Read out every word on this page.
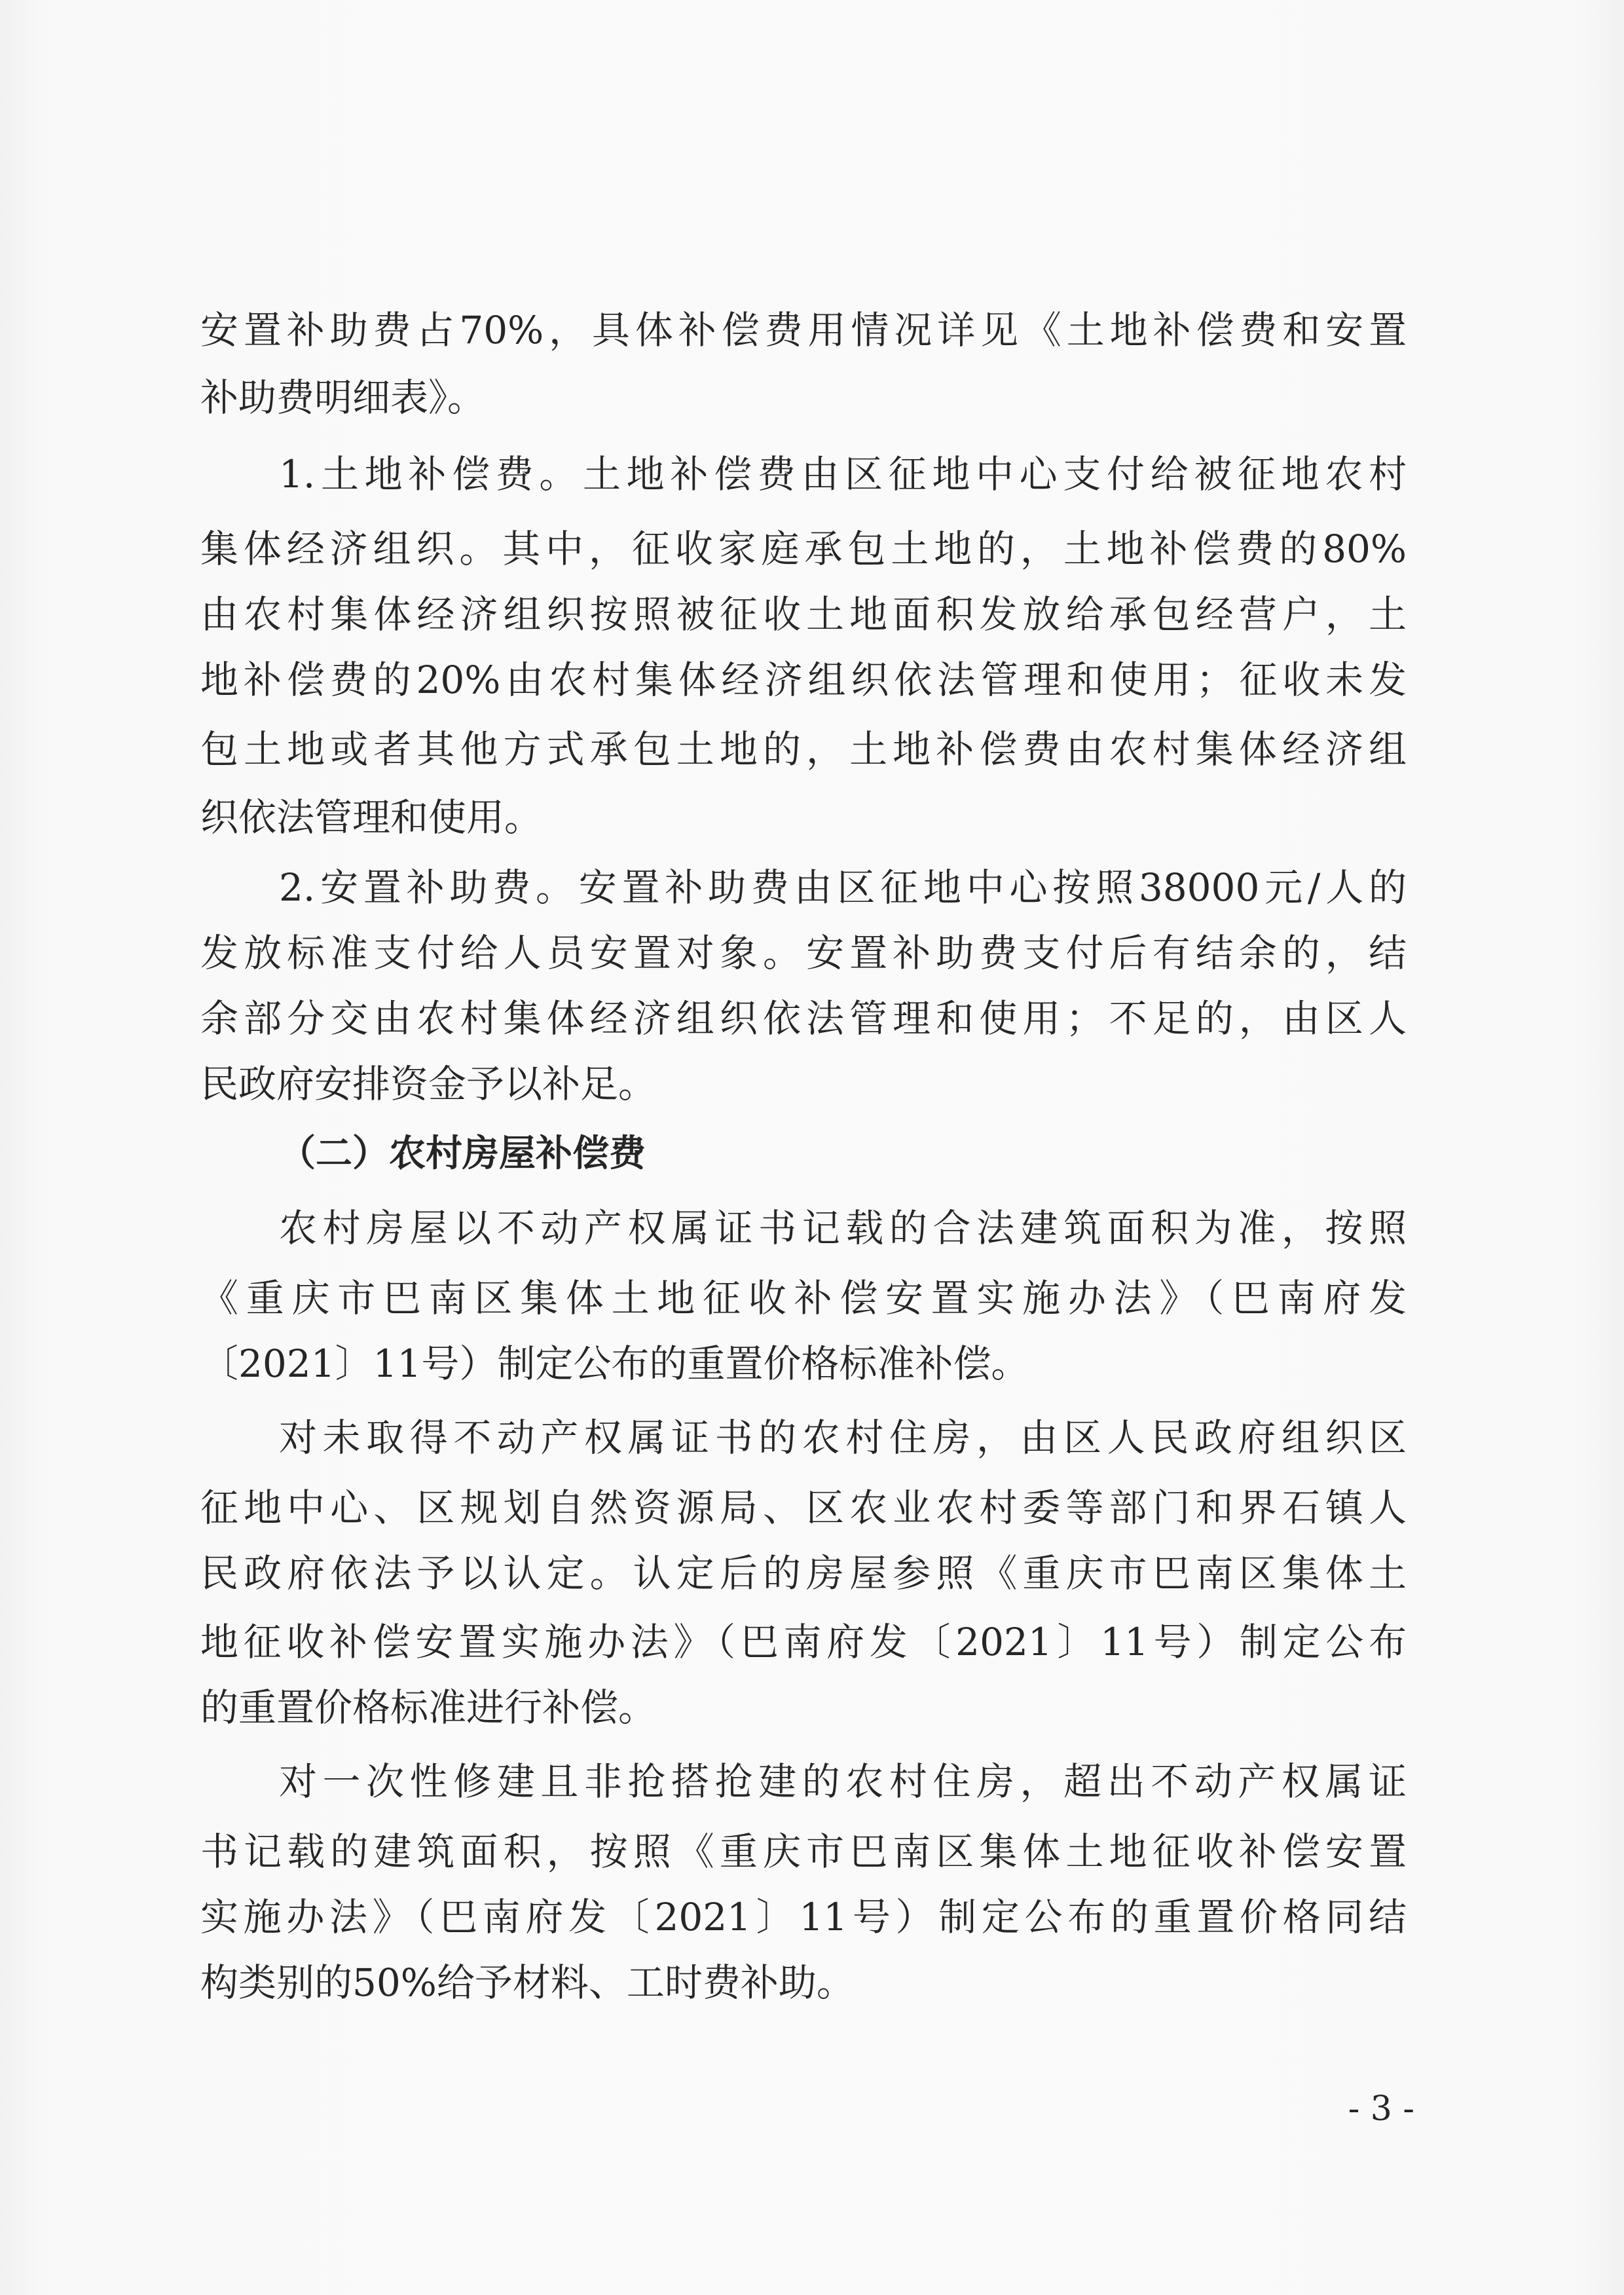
安置补助费占70%，具体补偿费用情况详见《土地补偿费和安置
补助费明细表》。
1.土地补偿费。土地补偿费由区征地中心支付给被征地农村
集体经济组织。其中，征收家庭承包土地的，土地补偿费的80%
由农村集体经济组织按照被征收土地面积发放给承包经营户，土
地补偿费的20%由农村集体经济组织依法管理和使用；征收未发
包土地或者其他方式承包土地的，土地补偿费由农村集体经济组
织依法管理和使用。
2.安置补助费。安置补助费由区征地中心按照38000元/人的
发放标准支付给人员安置对象。安置补助费支付后有结余的，结
余部分交由农村集体经济组织依法管理和使用；不足的，由区人
民政府安排资金予以补足。
（二）农村房屋补偿费
农村房屋以不动产权属证书记载的合法建筑面积为准，按照
《重庆市巴南区集体土地征收补偿安置实施办法》（巴南府发
〔2021〕11号）制定公布的重置价格标准补偿。
对未取得不动产权属证书的农村住房，由区人民政府组织区
征地中心、区规划自然资源局、区农业农村委等部门和界石镇人
民政府依法予以认定。认定后的房屋参照《重庆市巴南区集体土
地征收补偿安置实施办法》（巴南府发〔2021〕11号）制定公布
的重置价格标准进行补偿。
对一次性修建且非抢搭抢建的农村住房，超出不动产权属证
书记载的建筑面积，按照《重庆市巴南区集体土地征收补偿安置
实施办法》（巴南府发〔2021〕11号）制定公布的重置价格同结
构类别的50%给予材料、工时费补助。
- 3 -
